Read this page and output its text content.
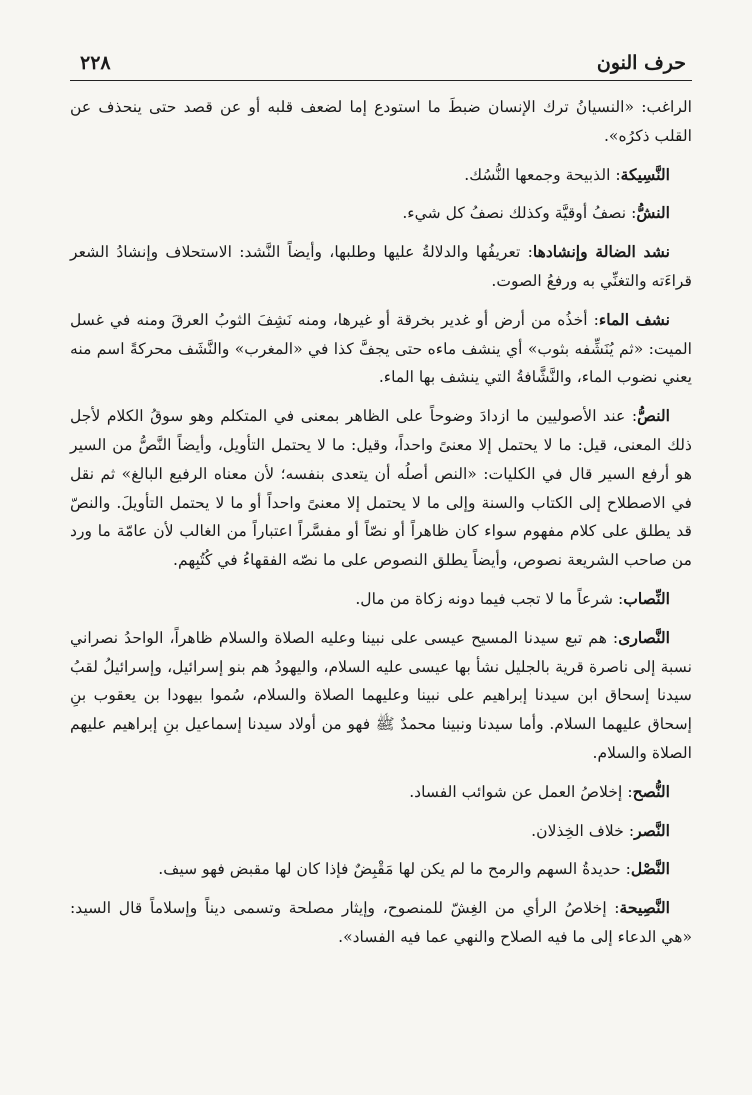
حرف النون
٢٢٨

الراغب: «النسيانُ ترك الإنسان ضبطَ ما استودع إما لضعف قلبه أو عن قصد حتى ينحذف عن القلب ذكرُه».

النَّسِيكة: الذبيحة وجمعها النُّسُك.

النشُّ: نصفُ أوقيَّة وكذلك نصفُ كل شيء.

نشد الضالة وإنشادها: تعريفُها والدلالةُ عليها وطلبها، وأيضاً النَّشد: الاستحلاف وإنشادُ الشعر قراءَته والتغنِّي به ورفعُ الصوت.

نشف الماء: أخذُه من أرض أو غدير بخرقة أو غيرها، ومنه نَشِفَ الثوبُ العرقَ ومنه في غسل الميت: «ثم يُنَشِّفه بثوب» أي ينشف ماءه حتى يجفَّ كذا في «المغرب» والنَّشَف محركةً اسم منه يعني نضوب الماء، والنَّشَّافةُ التي ينشف بها الماء.

النصُّ: عند الأصوليين ما ازدادَ وضوحاً على الظاهر بمعنى في المتكلم وهو سوقُ الكلام لأجل ذلك المعنى، قيل: ما لا يحتمل إلا معنىً واحداً، وقيل: ما لا يحتمل التأويل، وأيضاً النَّصُّ من السير هو أرفع السير قال في الكليات: «النص أصلُه أن يتعدى بنفسه؛ لأن معناه الرفيع البالغ» ثم نقل في الاصطلاح إلى الكتاب والسنة وإلى ما لا يحتمل إلا معنىً واحداً أو ما لا يحتمل التأويلَ. والنصّ قد يطلق على كلام مفهوم سواء كان ظاهراً أو نصّاً أو مفسَّراً اعتباراً من الغالب لأن عامّة ما ورد من صاحب الشريعة نصوص، وأيضاً يطلق النصوص على ما نصّه الفقهاءُ في كُتُبِهم.

النِّصاب: شرعاً ما لا تجب فيما دونه زكاة من مال.

النَّصارى: هم تبع سيدنا المسيح عيسى على نبينا وعليه الصلاة والسلام ظاهراً، الواحدُ نصراني نسبة إلى ناصرة قرية بالجليل نشأ بها عيسى عليه السلام، واليهودُ هم بنو إسرائيل، وإسرائيلُ لقبُ سيدنا إسحاق ابن سيدنا إبراهيم على نبينا وعليهما الصلاة والسلام، سُموا بيهودا بن يعقوب بنِ إسحاق عليهما السلام. وأما سيدنا ونبينا محمدٌ ﷺ فهو من أولاد سيدنا إسماعيل بنِ إبراهيم عليهم الصلاة والسلام.

النُّصح: إخلاصُ العمل عن شوائب الفساد.

النَّصر: خلاف الخِذلان.

النَّصْل: حديدةُ السهم والرمح ما لم يكن لها مَقْبِضٌ فإذا كان لها مقبض فهو سيف.

النَّصِيحة: إخلاصُ الرأي من الغِشّ للمنصوح، وإيثار مصلحة وتسمى ديناً وإسلاماً قال السيد: «هي الدعاء إلى ما فيه الصلاح والنهي عما فيه الفساد».
